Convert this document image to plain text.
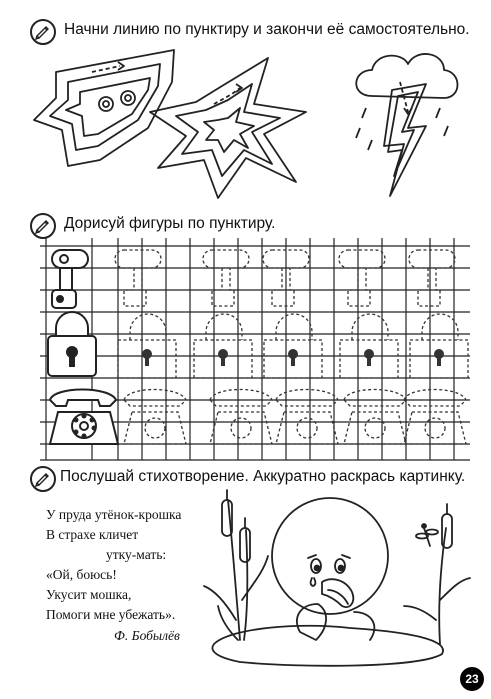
Начни линию по пунктиру и закончи её самостоятельно.
Дорисуй фигуры по пунктиру.
Послушай стихотворение. Аккуратно раскрась картинку.
У пруда утёнок-крошка
В страхе кличет
утку-мать:
«Ой, боюсь!
Укусит мошка,
Помоги мне убежать».
Ф. Бобылёв
23
